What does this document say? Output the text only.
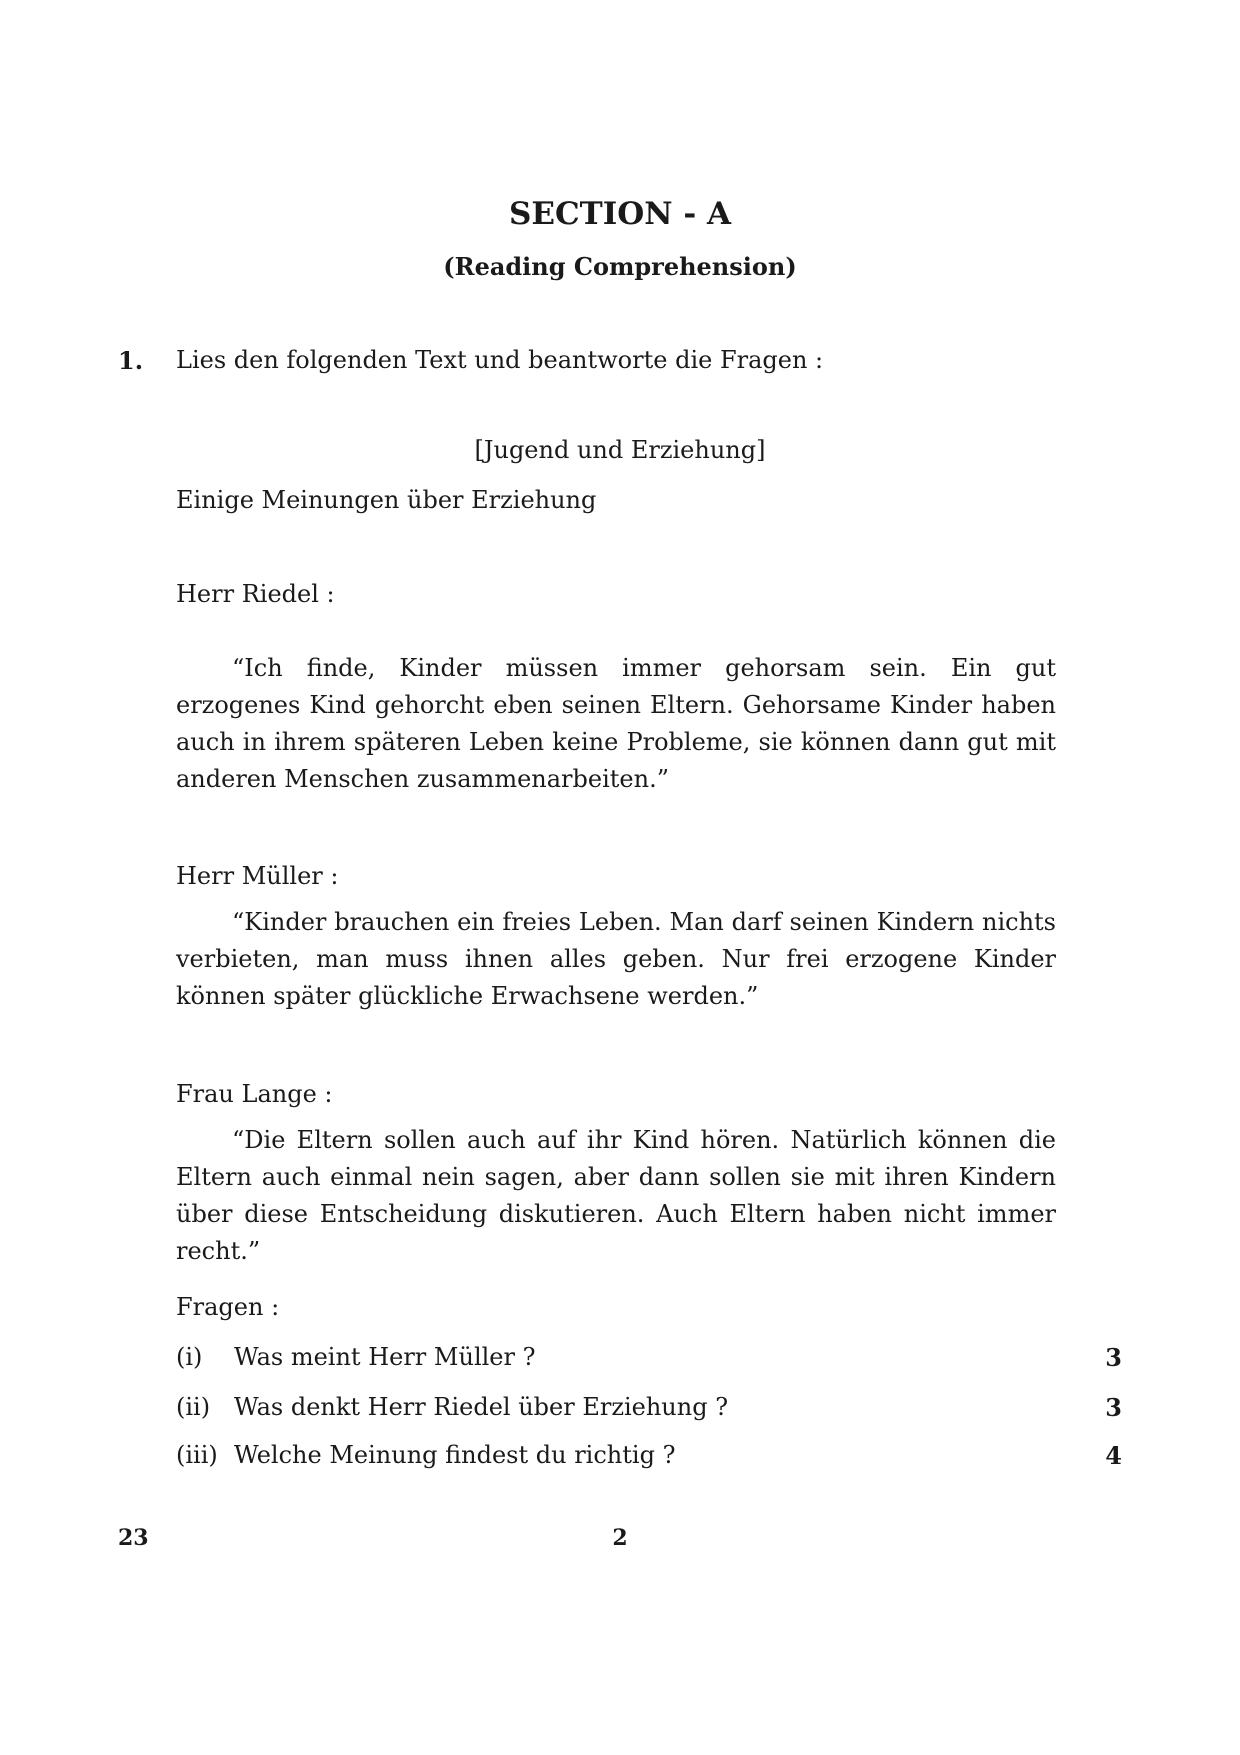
SECTION - A
(Reading Comprehension)
1. Lies den folgenden Text und beantworte die Fragen :
[Jugend und Erziehung]
Einige Meinungen über Erziehung
Herr Riedel :
“Ich finde, Kinder müssen immer gehorsam sein. Ein gut erzogenes Kind gehorcht eben seinen Eltern. Gehorsame Kinder haben auch in ihrem späteren Leben keine Probleme, sie können dann gut mit anderen Menschen zusammenarbeiten.”
Herr Müller :
“Kinder brauchen ein freies Leben. Man darf seinen Kindern nichts verbieten, man muss ihnen alles geben. Nur frei erzogene Kinder können später glückliche Erwachsene werden.”
Frau Lange :
“Die Eltern sollen auch auf ihr Kind hören. Natürlich können die Eltern auch einmal nein sagen, aber dann sollen sie mit ihren Kindern über diese Entscheidung diskutieren. Auch Eltern haben nicht immer recht.”
Fragen :
(i) Was meint Herr Müller ?	3
(ii) Was denkt Herr Riedel über Erziehung ?	3
(iii) Welche Meinung findest du richtig ?	4
23	2
